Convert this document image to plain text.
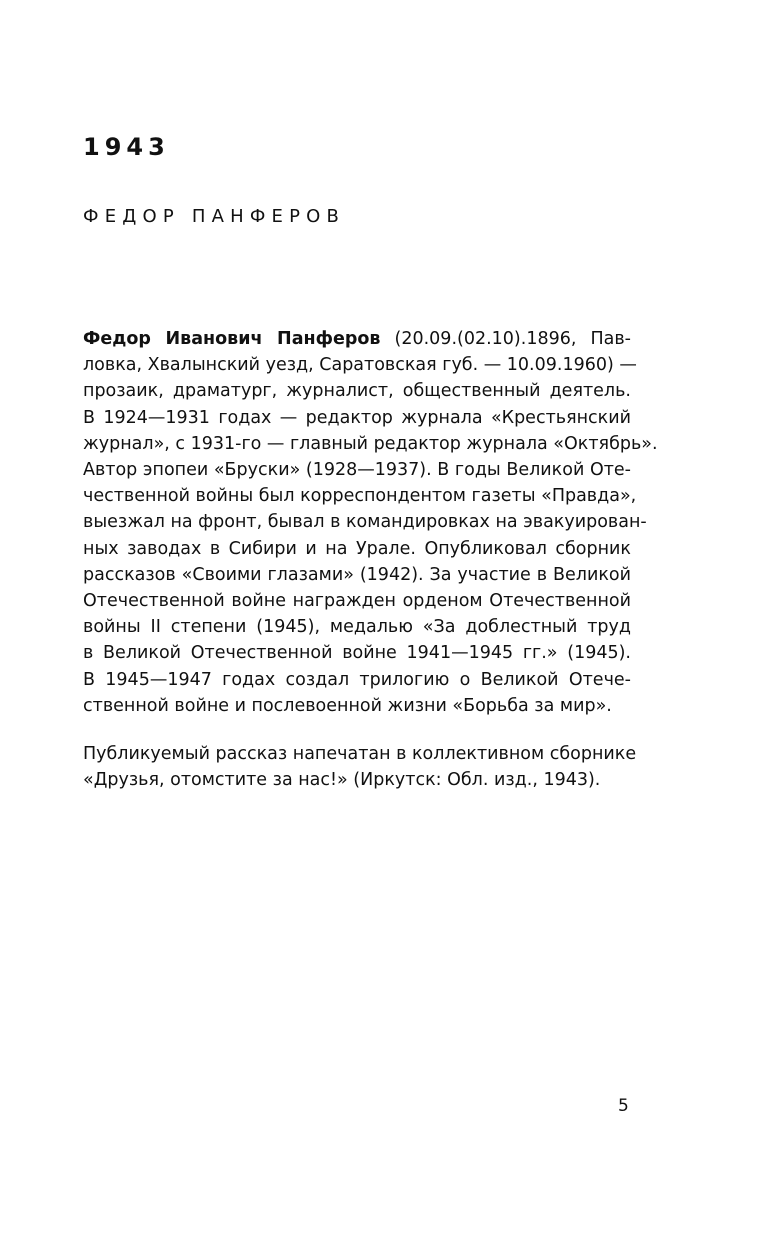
1943
ФЕДОР ПАНФЕРОВ
Федор Иванович Панферов (20.09.(02.10).1896, Пав-
ловка, Хвалынский уезд, Саратовская губ. — 10.09.1960) —
прозаик, драматург, журналист, общественный деятель.
В 1924—1931 годах — редактор журнала «Крестьянский
журнал», с 1931-го — главный редактор журнала «Октябрь».
Автор эпопеи «Бруски» (1928—1937). В годы Великой Оте-
чественной войны был корреспондентом газеты «Правда»,
выезжал на фронт, бывал в командировках на эвакуирован-
ных заводах в Сибири и на Урале. Опубликовал сборник
рассказов «Своими глазами» (1942). За участие в Великой
Отечественной войне награжден орденом Отечественной
войны II степени (1945), медалью «За доблестный труд
в Великой Отечественной войне 1941—1945 гг.» (1945).
В 1945—1947 годах создал трилогию о Великой Отече-
ственной войне и послевоенной жизни «Борьба за мир».
Публикуемый рассказ напечатан в коллективном сборнике
«Друзья, отомстите за нас!» (Иркутск: Обл. изд., 1943).
5
